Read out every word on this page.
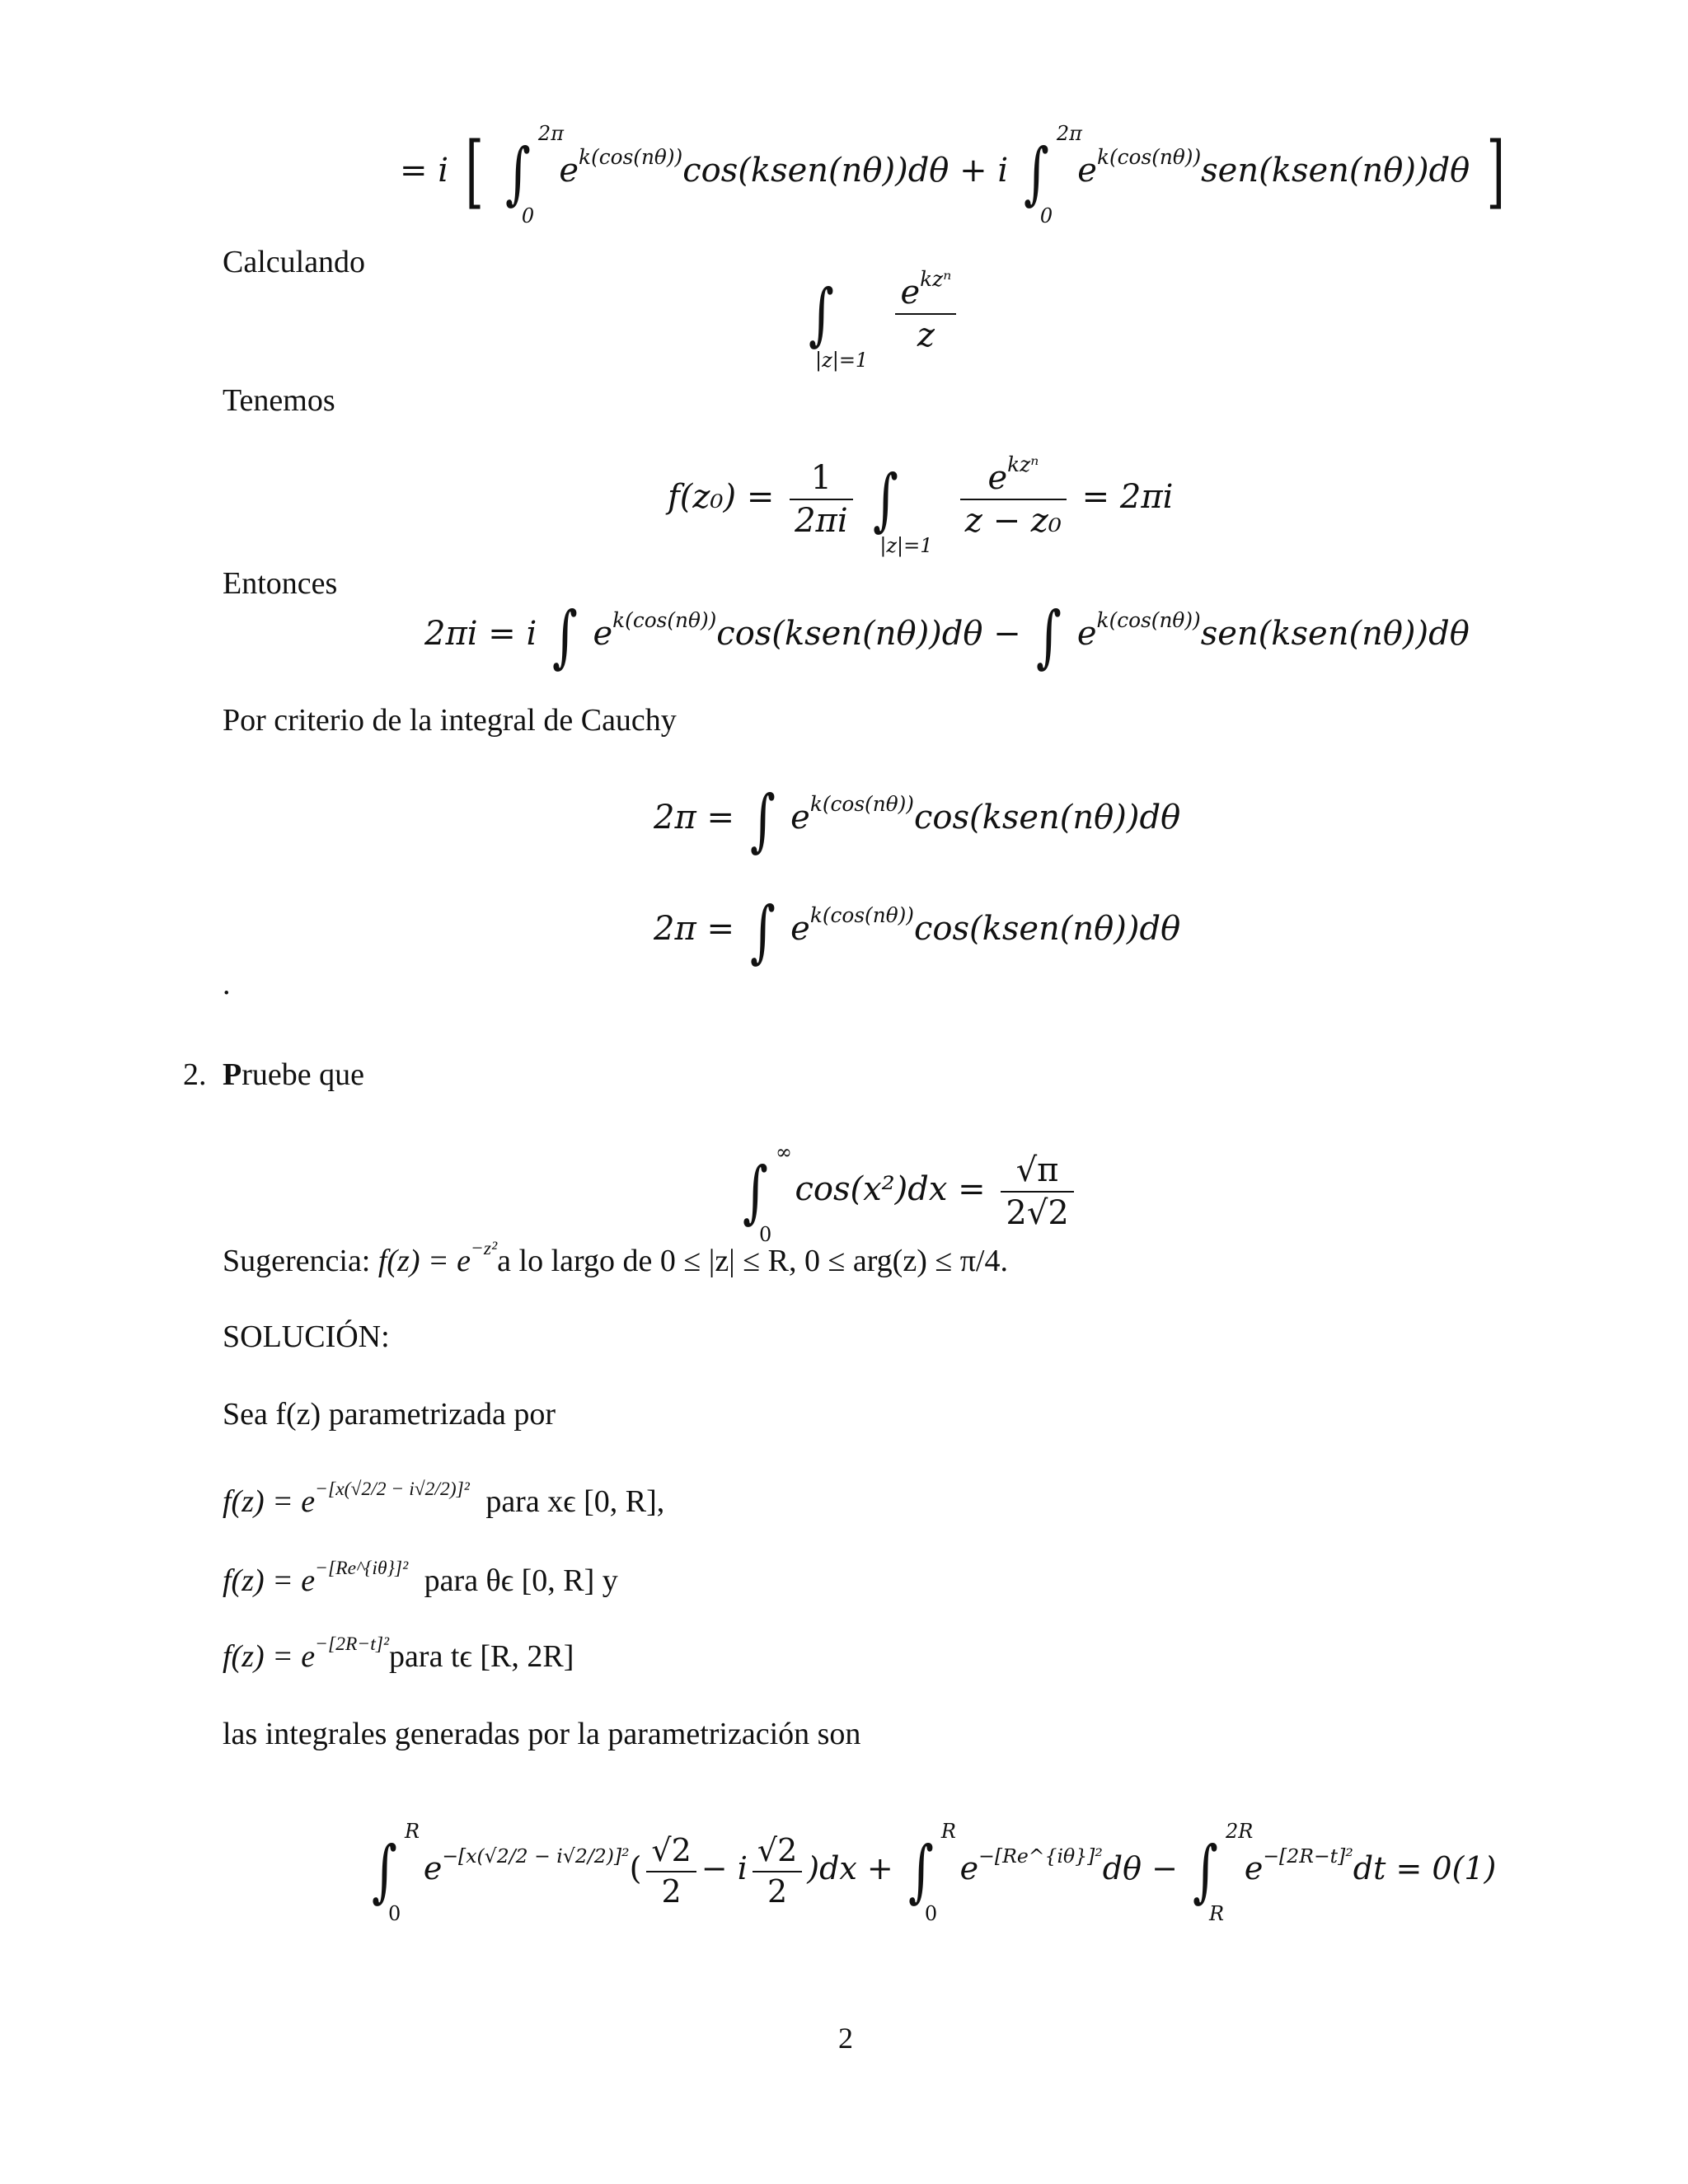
= i [ ∫
2π
0
$e^{k(cos(n\theta))}\cos(ksen(n\theta))d\theta + i$ ∫
2π
0
$e^{k(cos(n\theta))}sen(ksen(n\theta))d\theta$ ]
Calculando
∫
|z|=1

$\frac{e^{kz^n}}{z}$
Tenemos
$f(z_0) = \frac{1}{2\pi i}$ ∫
|z|=1

$\frac{e^{kz^n}}{\text{z − z₀}} = 2\pi i$
Entonces
2πi = i ∫ $e^{k(cos(n\theta))}\cos(ksen(n\theta))d\theta$ − ∫ $e^{k(cos(n\theta))}sen(ksen(n\theta))d\theta$
Por criterio de la integral de Cauchy
2π = ∫ $e^{k(cos(n\theta))}\cos(ksen(n\theta))d\theta$
2π = ∫ $e^{k(cos(n\theta))}\cos(ksen(n\theta))d\theta$
.
2. Pruebe que
∫
∞
0
$\cos(x^2)dx = \frac{√\pi}{2√2}$
Sugerencia: $f(z) = e^{-z^2}a$ lo largo de 0 ≤ |z| ≤ R, 0 ≤ arg(z) ≤ π/4.
SOLUCIÓN:
Sea f(z) parametrizada por
$f(z) = e^{-[x(√2/2 - i√2/2)]^2}$ para xϵ [0, R],
$f(z) = e^{-[Re\^{}\{i\theta\}]^2}$ para θϵ [0, R] y
$f(z) = e^{-[2R-t]^2}para$ tϵ [R, 2R]
las integrales generadas por la parametrización son
∫
R
0
$e^{-[x(√2/2 - i√2/2)]^2}( \frac{√2}{2} - i \frac{√2}{2} )dx$ + ∫
R
0
$e^{-[Re\^{}\{i\theta\}]^2}d\theta$ − ∫
2R
R
$e^{-[2R-t]^2}dt = 0(1)$
2
